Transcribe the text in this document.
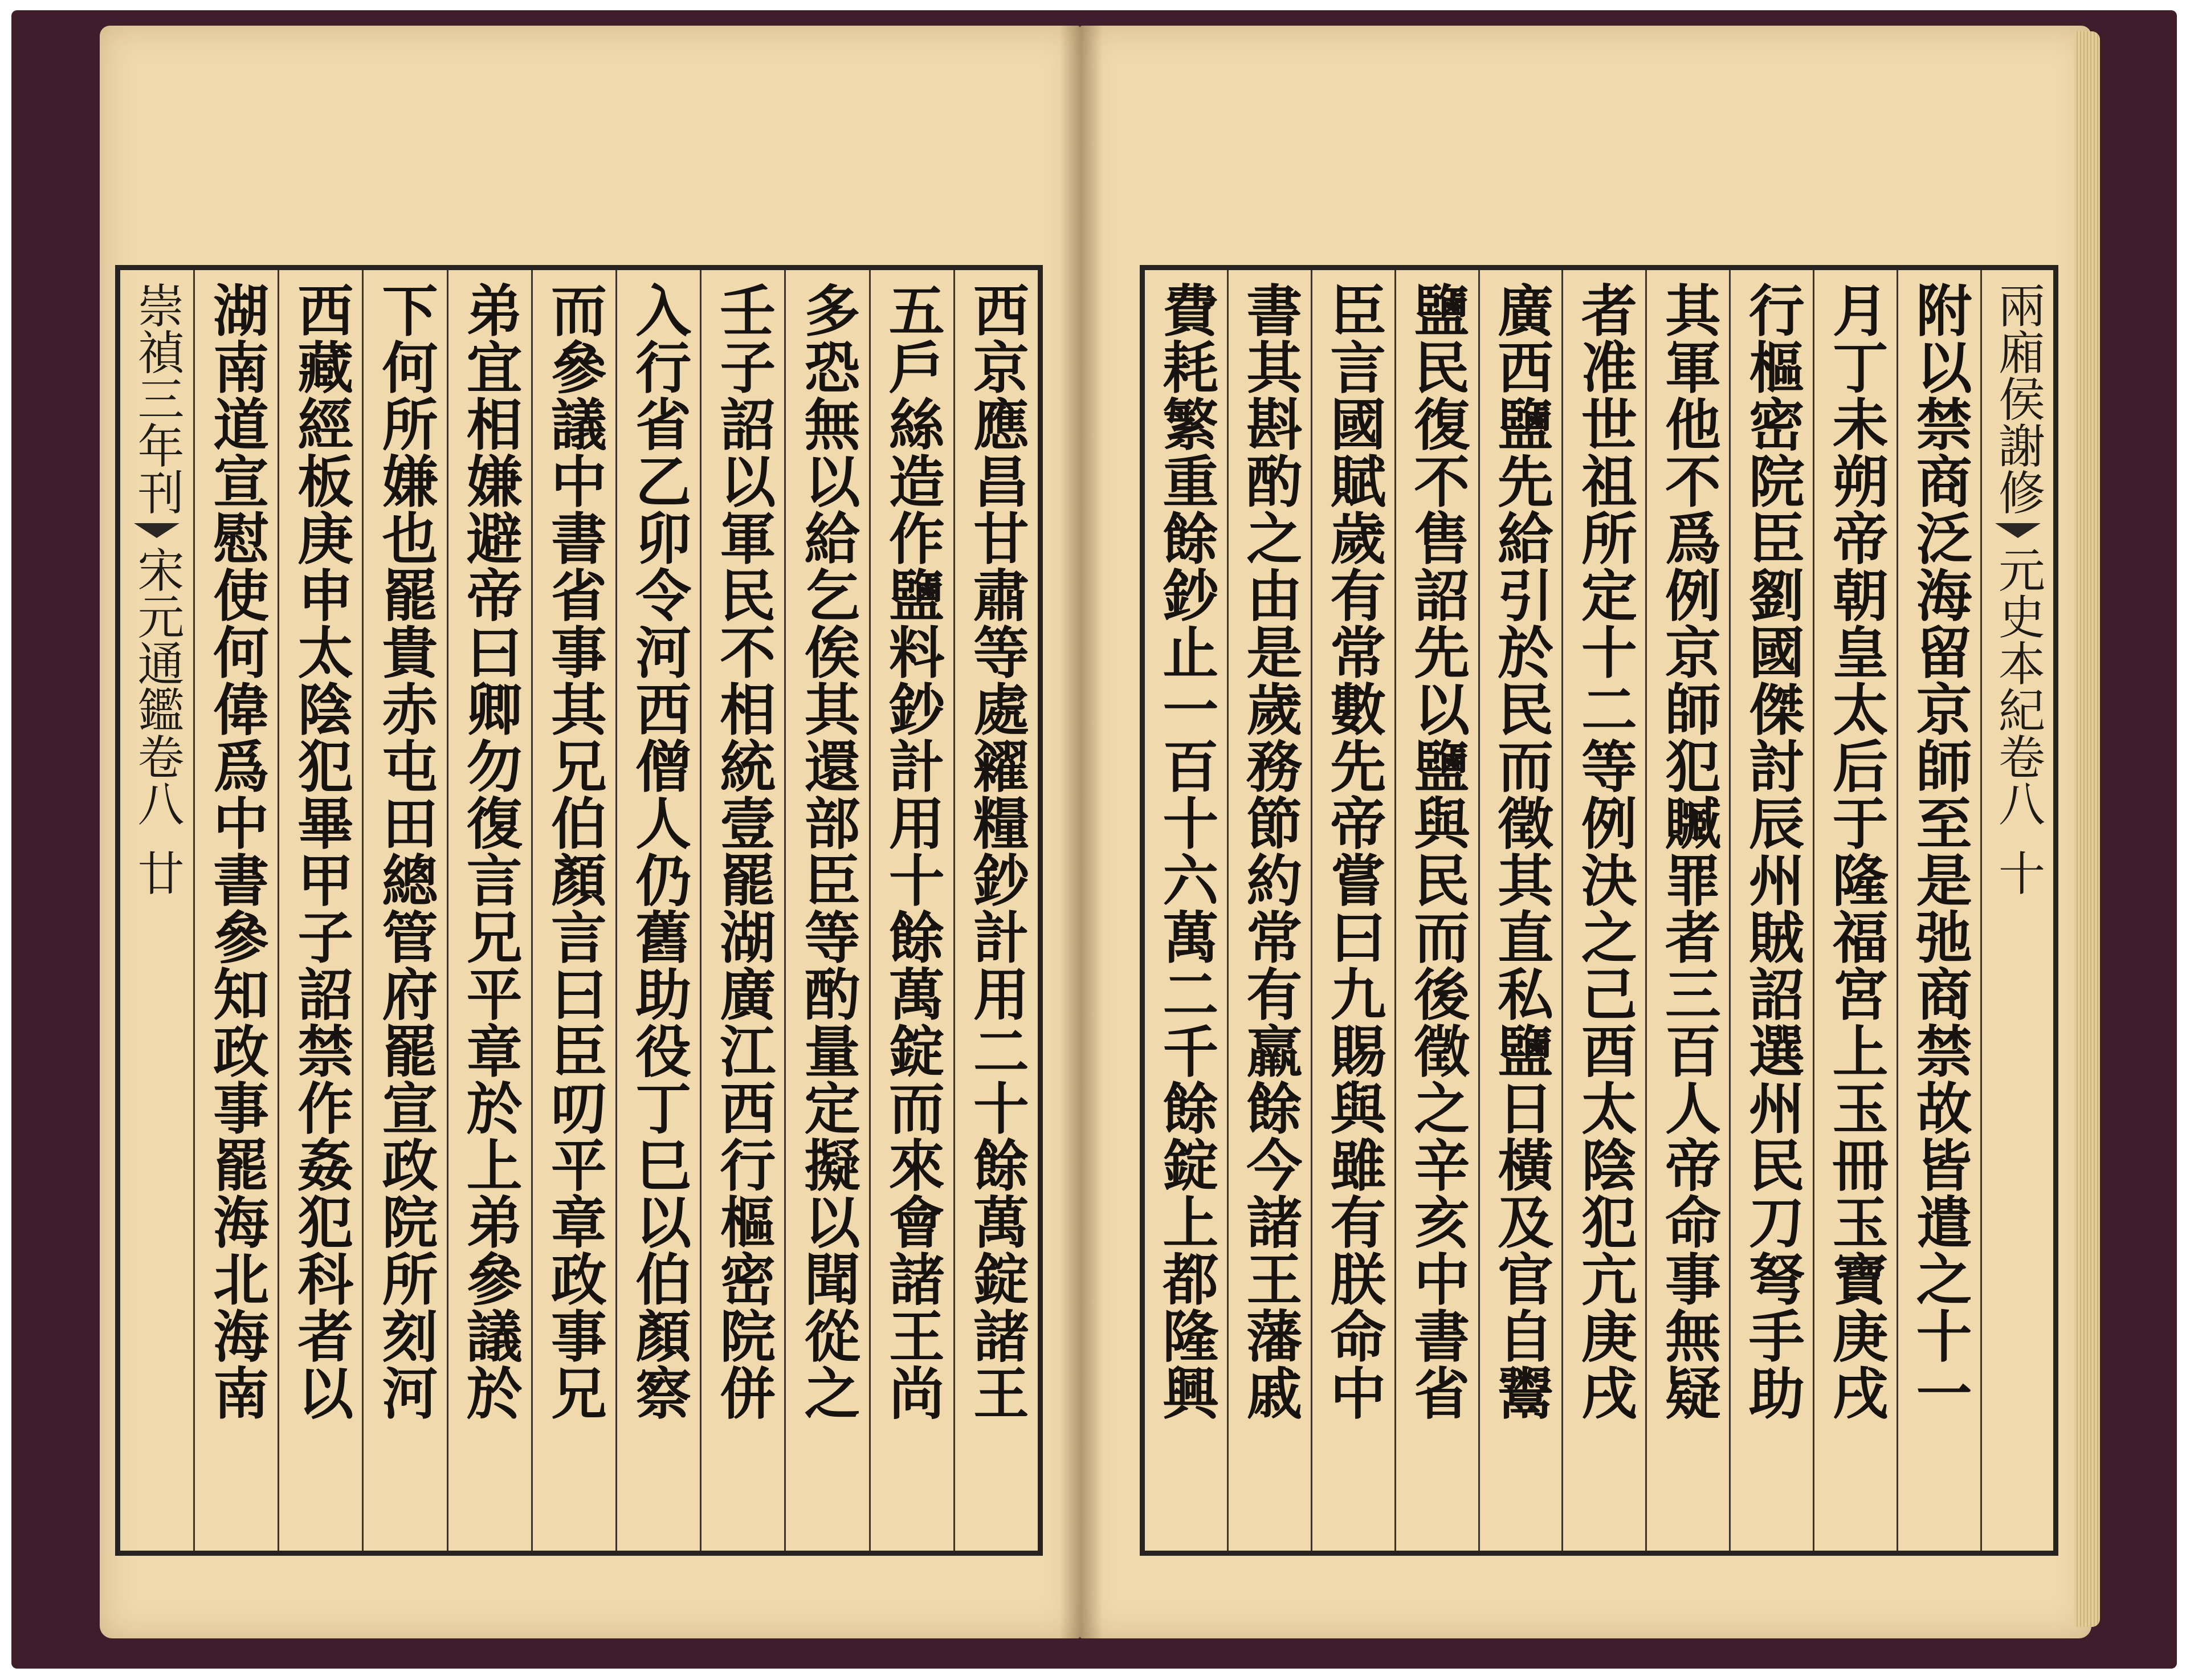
西京應昌甘肅等處糴糧鈔計用二十餘萬錠諸王
五戶絲造作鹽料鈔計用十餘萬錠而來會諸王尚
多恐無以給乞俟其還部臣等酌量定擬以聞從之
壬子詔以軍民不相統壹罷湖廣江西行樞密院併
入行省乙卯令河西僧人仍舊助役丁巳以伯顏察
而參議中書省事其兄伯顏言曰臣叨平章政事兄
弟宜相嫌避帝曰卿勿復言兄平章於上弟參議於
下何所嫌也罷貴赤屯田總管府罷宣政院所刻河
西藏經板庚申太陰犯畢甲子詔禁作姦犯科者以
湖南道宣慰使何偉爲中書參知政事罷海北海南
崇禎三年刊
宋元通鑑卷八
廿
兩廂侯謝修
元史本紀卷八
十
附以禁商泛海留京師至是弛商禁故皆遣之十一
月丁未朔帝朝皇太后于隆福宮上玉冊玉寶庚戌
行樞密院臣劉國傑討辰州賊詔選州民刀弩手助
其軍他不爲例京師犯贓罪者三百人帝命事無疑
者准世祖所定十二等例決之己酉太陰犯亢庚戌
廣西鹽先給引於民而徵其直私鹽日橫及官自鬻
鹽民復不售詔先以鹽與民而後徵之辛亥中書省
臣言國賦歲有常數先帝嘗曰九賜與雖有朕命中
書其斟酌之由是歲務節約常有羸餘今諸王藩戚
費耗繁重餘鈔止一百十六萬二千餘錠上都隆興
